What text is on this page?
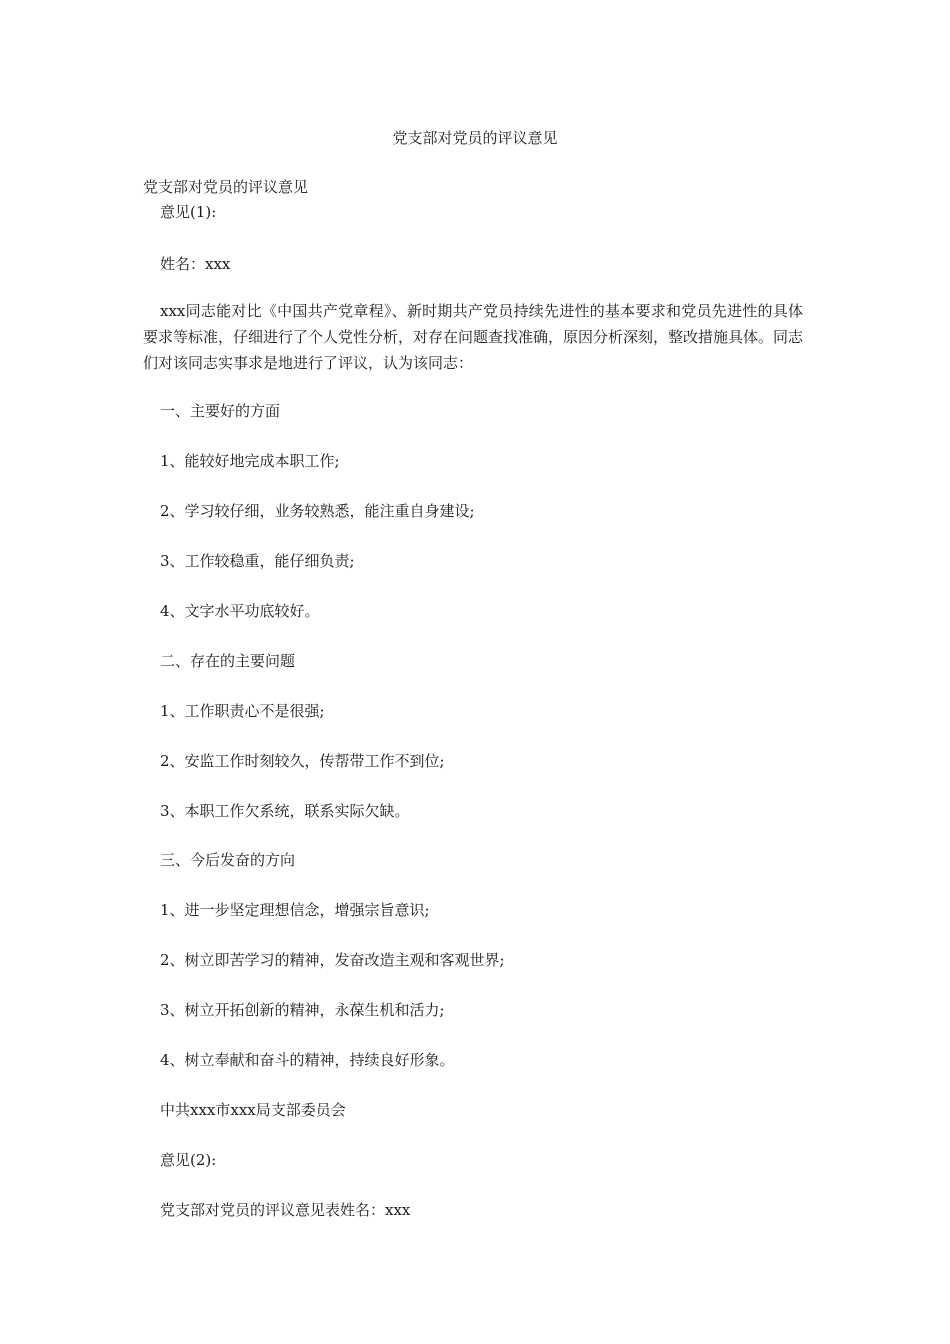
党支部对党员的评议意见
党支部对党员的评议意见
意见(1):
姓名：xxx
xxx同志能对比《中国共产党章程》、新时期共产党员持续先进性的基本要求和党员先进性的具体要求等标准，仔细进行了个人党性分析，对存在问题查找准确，原因分析深刻，整改措施具体。同志们对该同志实事求是地进行了评议，认为该同志：
一、主要好的方面
1、能较好地完成本职工作;
2、学习较仔细，业务较熟悉，能注重自身建设;
3、工作较稳重，能仔细负责;
4、文字水平功底较好。
二、存在的主要问题
1、工作职责心不是很强;
2、安监工作时刻较久，传帮带工作不到位;
3、本职工作欠系统，联系实际欠缺。
三、今后发奋的方向
1、进一步坚定理想信念，增强宗旨意识;
2、树立即苦学习的精神，发奋改造主观和客观世界;
3、树立开拓创新的精神，永葆生机和活力;
4、树立奉献和奋斗的精神，持续良好形象。
中共xxx市xxx局支部委员会
意见(2):
党支部对党员的评议意见表姓名：xxx
